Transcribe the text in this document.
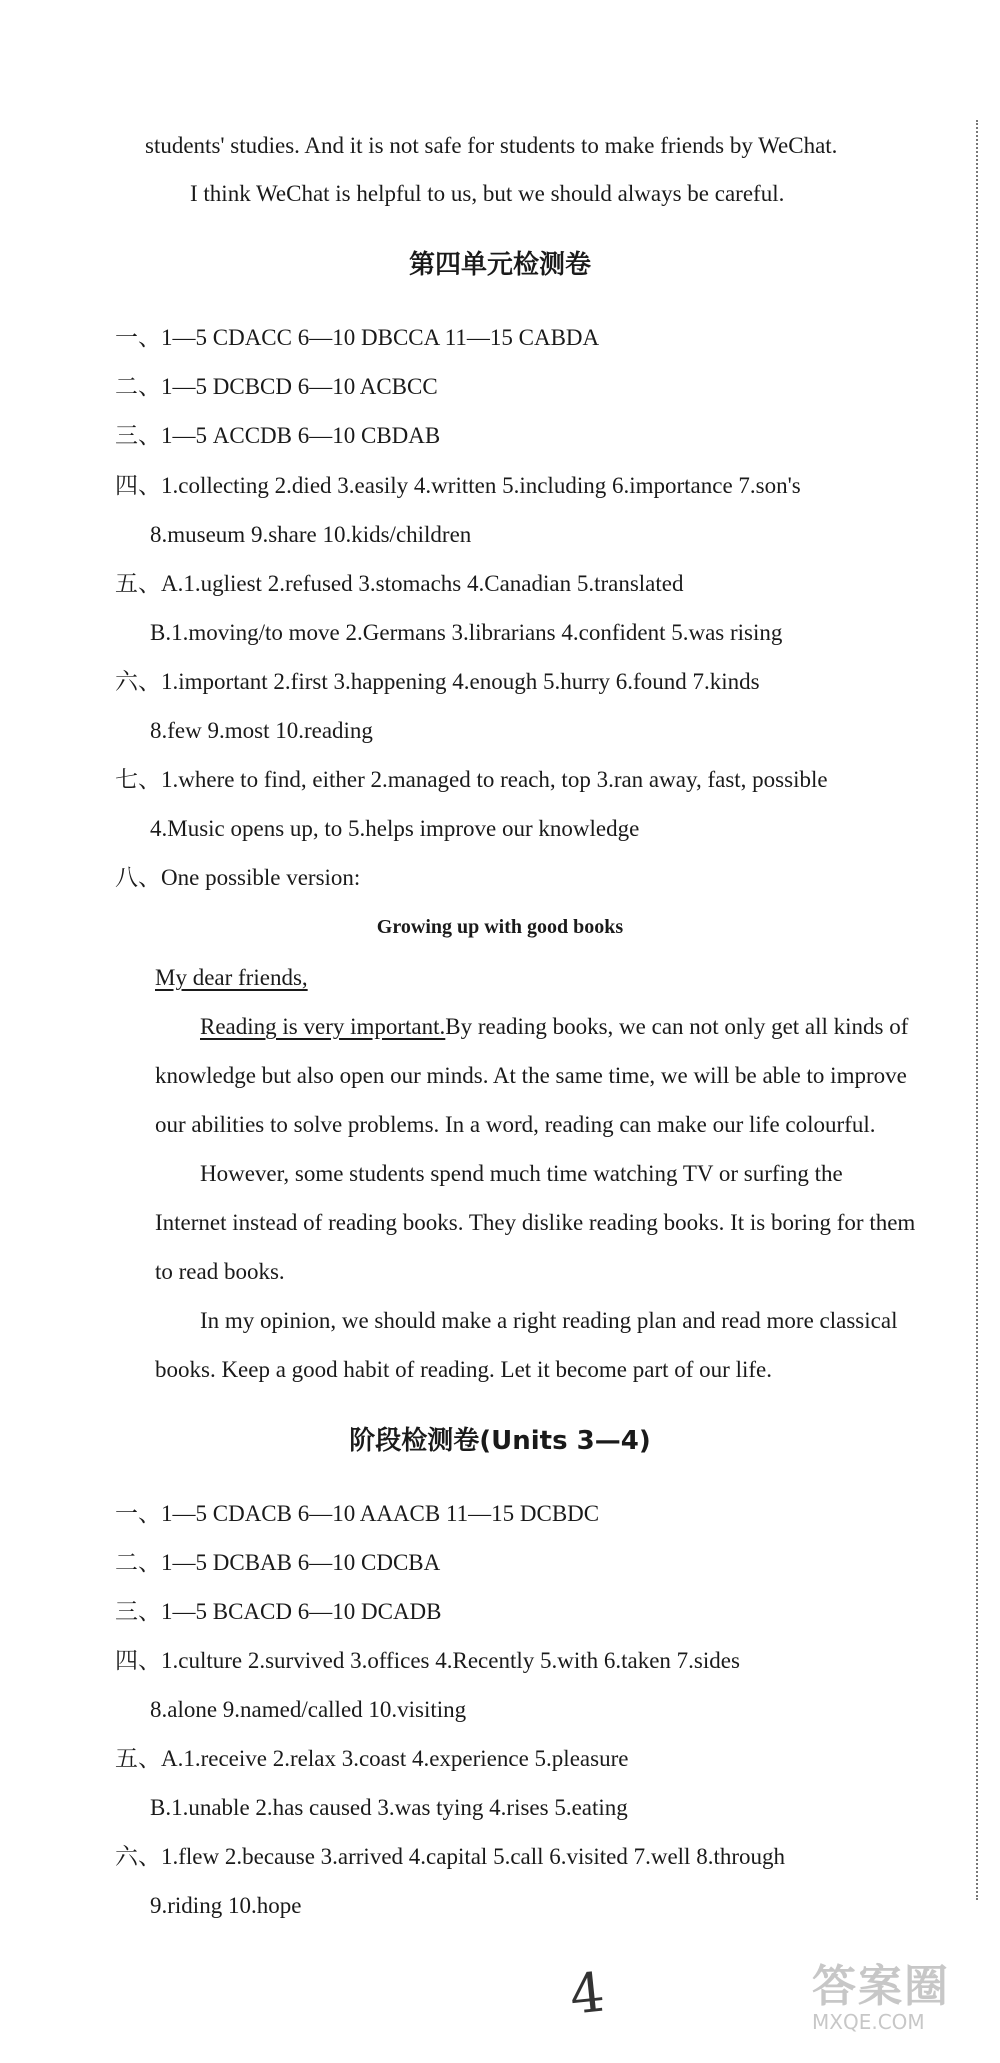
students' studies. And it is not safe for students to make friends by WeChat.
I think WeChat is helpful to us, but we should always be careful.
第四单元检测卷
一、1—5 CDACC 6—10 DBCCA 11—15 CABDA
二、1—5 DCBCD 6—10 ACBCC
三、1—5 ACCDB 6—10 CBDAB
四、1.collecting 2.died 3.easily 4.written 5.including 6.importance 7.son's
8.museum 9.share 10.kids/children
五、A.1.ugliest 2.refused 3.stomachs 4.Canadian 5.translated
B.1.moving/to move 2.Germans 3.librarians 4.confident 5.was rising
六、1.important 2.first 3.happening 4.enough 5.hurry 6.found 7.kinds
8.few 9.most 10.reading
七、1.where to find, either 2.managed to reach, top 3.ran away, fast, possible
4.Music opens up, to 5.helps improve our knowledge
八、One possible version:
Growing up with good books
My dear friends,
Reading is very important.By reading books, we can not only get all kinds of
knowledge but also open our minds. At the same time, we will be able to improve
our abilities to solve problems. In a word, reading can make our life colourful.
However, some students spend much time watching TV or surfing the
Internet instead of reading books. They dislike reading books. It is boring for them
to read books.
In my opinion, we should make a right reading plan and read more classical
books. Keep a good habit of reading. Let it become part of our life.
阶段检测卷(Units 3—4)
一、1—5 CDACB 6—10 AAACB 11—15 DCBDC
二、1—5 DCBAB 6—10 CDCBA
三、1—5 BCACD 6—10 DCADB
四、1.culture 2.survived 3.offices 4.Recently 5.with 6.taken 7.sides
8.alone 9.named/called 10.visiting
五、A.1.receive 2.relax 3.coast 4.experience 5.pleasure
B.1.unable 2.has caused 3.was tying 4.rises 5.eating
六、1.flew 2.because 3.arrived 4.capital 5.call 6.visited 7.well 8.through
9.riding 10.hope
4	答案圈
MXQE.COM
